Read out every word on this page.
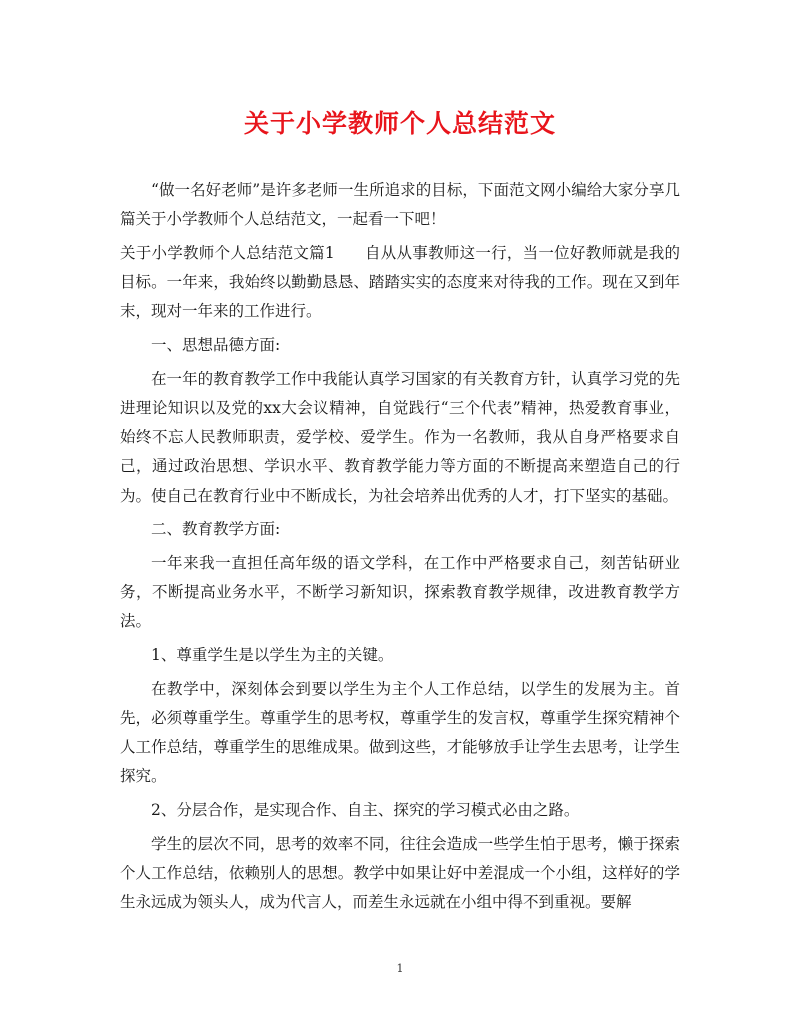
关于小学教师个人总结范文

“做一名好老师”是许多老师一生所追求的目标，下面范文网小编给大家分享几篇关于小学教师个人总结范文，一起看一下吧！

关于小学教师个人总结范文篇1 自从从事教师这一行，当一位好教师就是我的目标。一年来，我始终以勤勤恳恳、踏踏实实的态度来对待我的工作。现在又到年末，现对一年来的工作进行。

一、思想品德方面:

在一年的教育教学工作中我能认真学习国家的有关教育方针，认真学习党的先进理论知识以及党的xx大会议精神，自觉践行“三个代表”精神，热爱教育事业，始终不忘人民教师职责，爱学校、爱学生。作为一名教师，我从自身严格要求自己，通过政治思想、学识水平、教育教学能力等方面的不断提高来塑造自己的行为。使自己在教育行业中不断成长，为社会培养出优秀的人才，打下坚实的基础。

二、教育教学方面:

一年来我一直担任高年级的语文学科，在工作中严格要求自己，刻苦钻研业务，不断提高业务水平，不断学习新知识，探索教育教学规律，改进教育教学方法。

1、尊重学生是以学生为主的关键。

在教学中，深刻体会到要以学生为主个人工作总结，以学生的发展为主。首先，必须尊重学生。尊重学生的思考权，尊重学生的发言权，尊重学生探究精神个人工作总结，尊重学生的思维成果。做到这些，才能够放手让学生去思考，让学生探究。

2、分层合作，是实现合作、自主、探究的学习模式必由之路。

学生的层次不同，思考的效率不同，往往会造成一些学生怕于思考，懒于探索个人工作总结，依赖别人的思想。教学中如果让好中差混成一个小组，这样好的学生永远成为领头人，成为代言人，而差生永远就在小组中得不到重视。要解

1
